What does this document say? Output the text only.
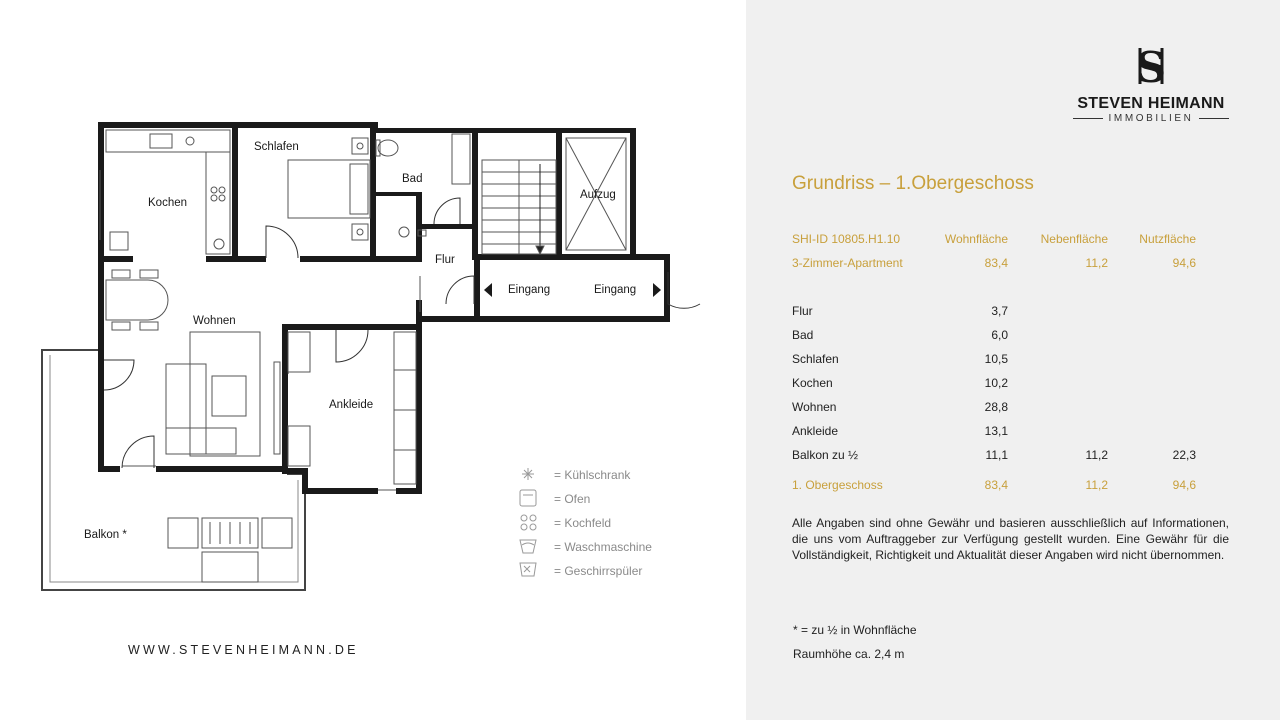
Schlafen
Bad
Aufzug
Kochen
Flur
Eingang	Eingang
Wohnen
Ankleide
Balkon *
= Kühlschrank
= Ofen
= Kochfeld
= Waschmaschine
= Geschirrspüler
WWW.STEVENHEIMANN.DE
S
STEVEN HEIMANN
IMMOBILIEN
Grundriss – 1.Obergeschoss
SHI-ID 10805.H1.10	Wohnfläche	Nebenfläche	Nutzfläche
3-Zimmer-Apartment	83,4	11,2	94,6

Flur	3,7		
Bad	6,0		
Schlafen	10,5		
Kochen	10,2		
Wohnen	28,8		
Ankleide	13,1		
Balkon zu ½	11,1	11,2	22,3

1. Obergeschoss	83,4	11,2	94,6
Alle Angaben sind ohne Gewähr und basieren ausschließlich auf Informationen, die uns vom Auftraggeber zur Verfügung gestellt wurden. Eine Gewähr für die Vollständigkeit, Richtigkeit und Aktualität dieser Angaben wird nicht übernommen.
* = zu ½ in Wohnfläche
Raumhöhe ca. 2,4 m
